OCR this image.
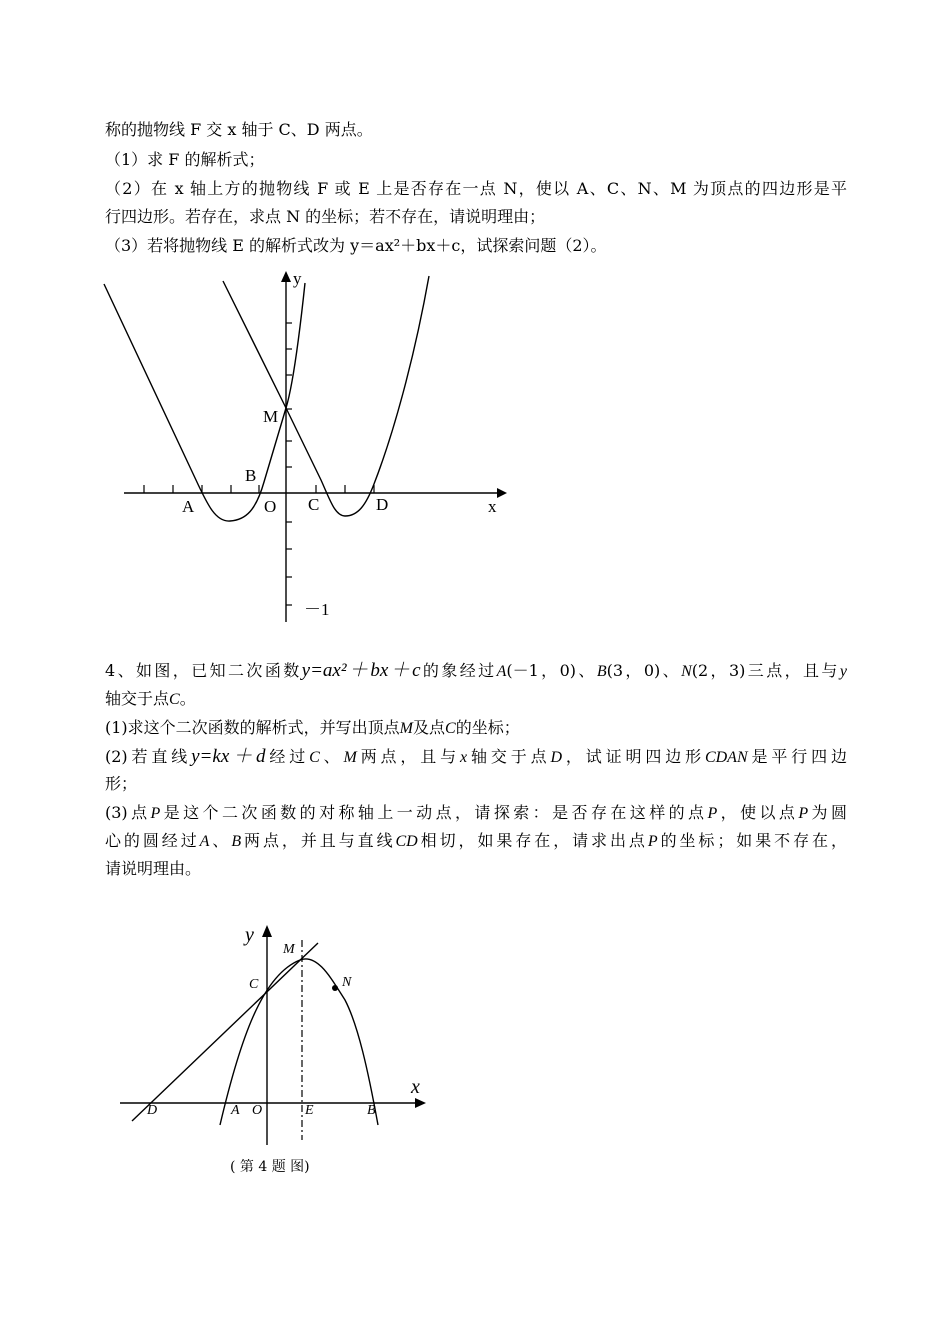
称的抛物线 F 交 x 轴于 C、D 两点。
（1）求 F 的解析式；
（2）在 x 轴上方的抛物线 F 或 E 上是否存在一点 N，使以 A、C、N、M 为顶点的四边形是平
行四边形。若存在，求点 N 的坐标；若不存在，请说明理由；
（3）若将抛物线 E 的解析式改为 y＝ax²＋bx＋c，试探索问题（2）。
y
x
M
B
A	O C	D
－1
y
x
M
C	N
D	A O	E	B
4、如图，已知二次函数y=ax²＋bx＋c的象经过A(－1，0)、B(3，0)、N(2，3)三点，且与y
轴交于点C。
(1)求这个二次函数的解析式，并写出顶点M及点C的坐标；
(2)若直线y=kx＋d经过C、M两点，且与x轴交于点D，试证明四边形CDAN是平行四边
形；
(3)点P是这个二次函数的对称轴上一动点，请探索：是否存在这样的点P，使以点P为圆
心的圆经过A、B两点，并且与直线CD相切，如果存在，请求出点P的坐标；如果不存在，
请说明理由。
( 第 4 题 图)
